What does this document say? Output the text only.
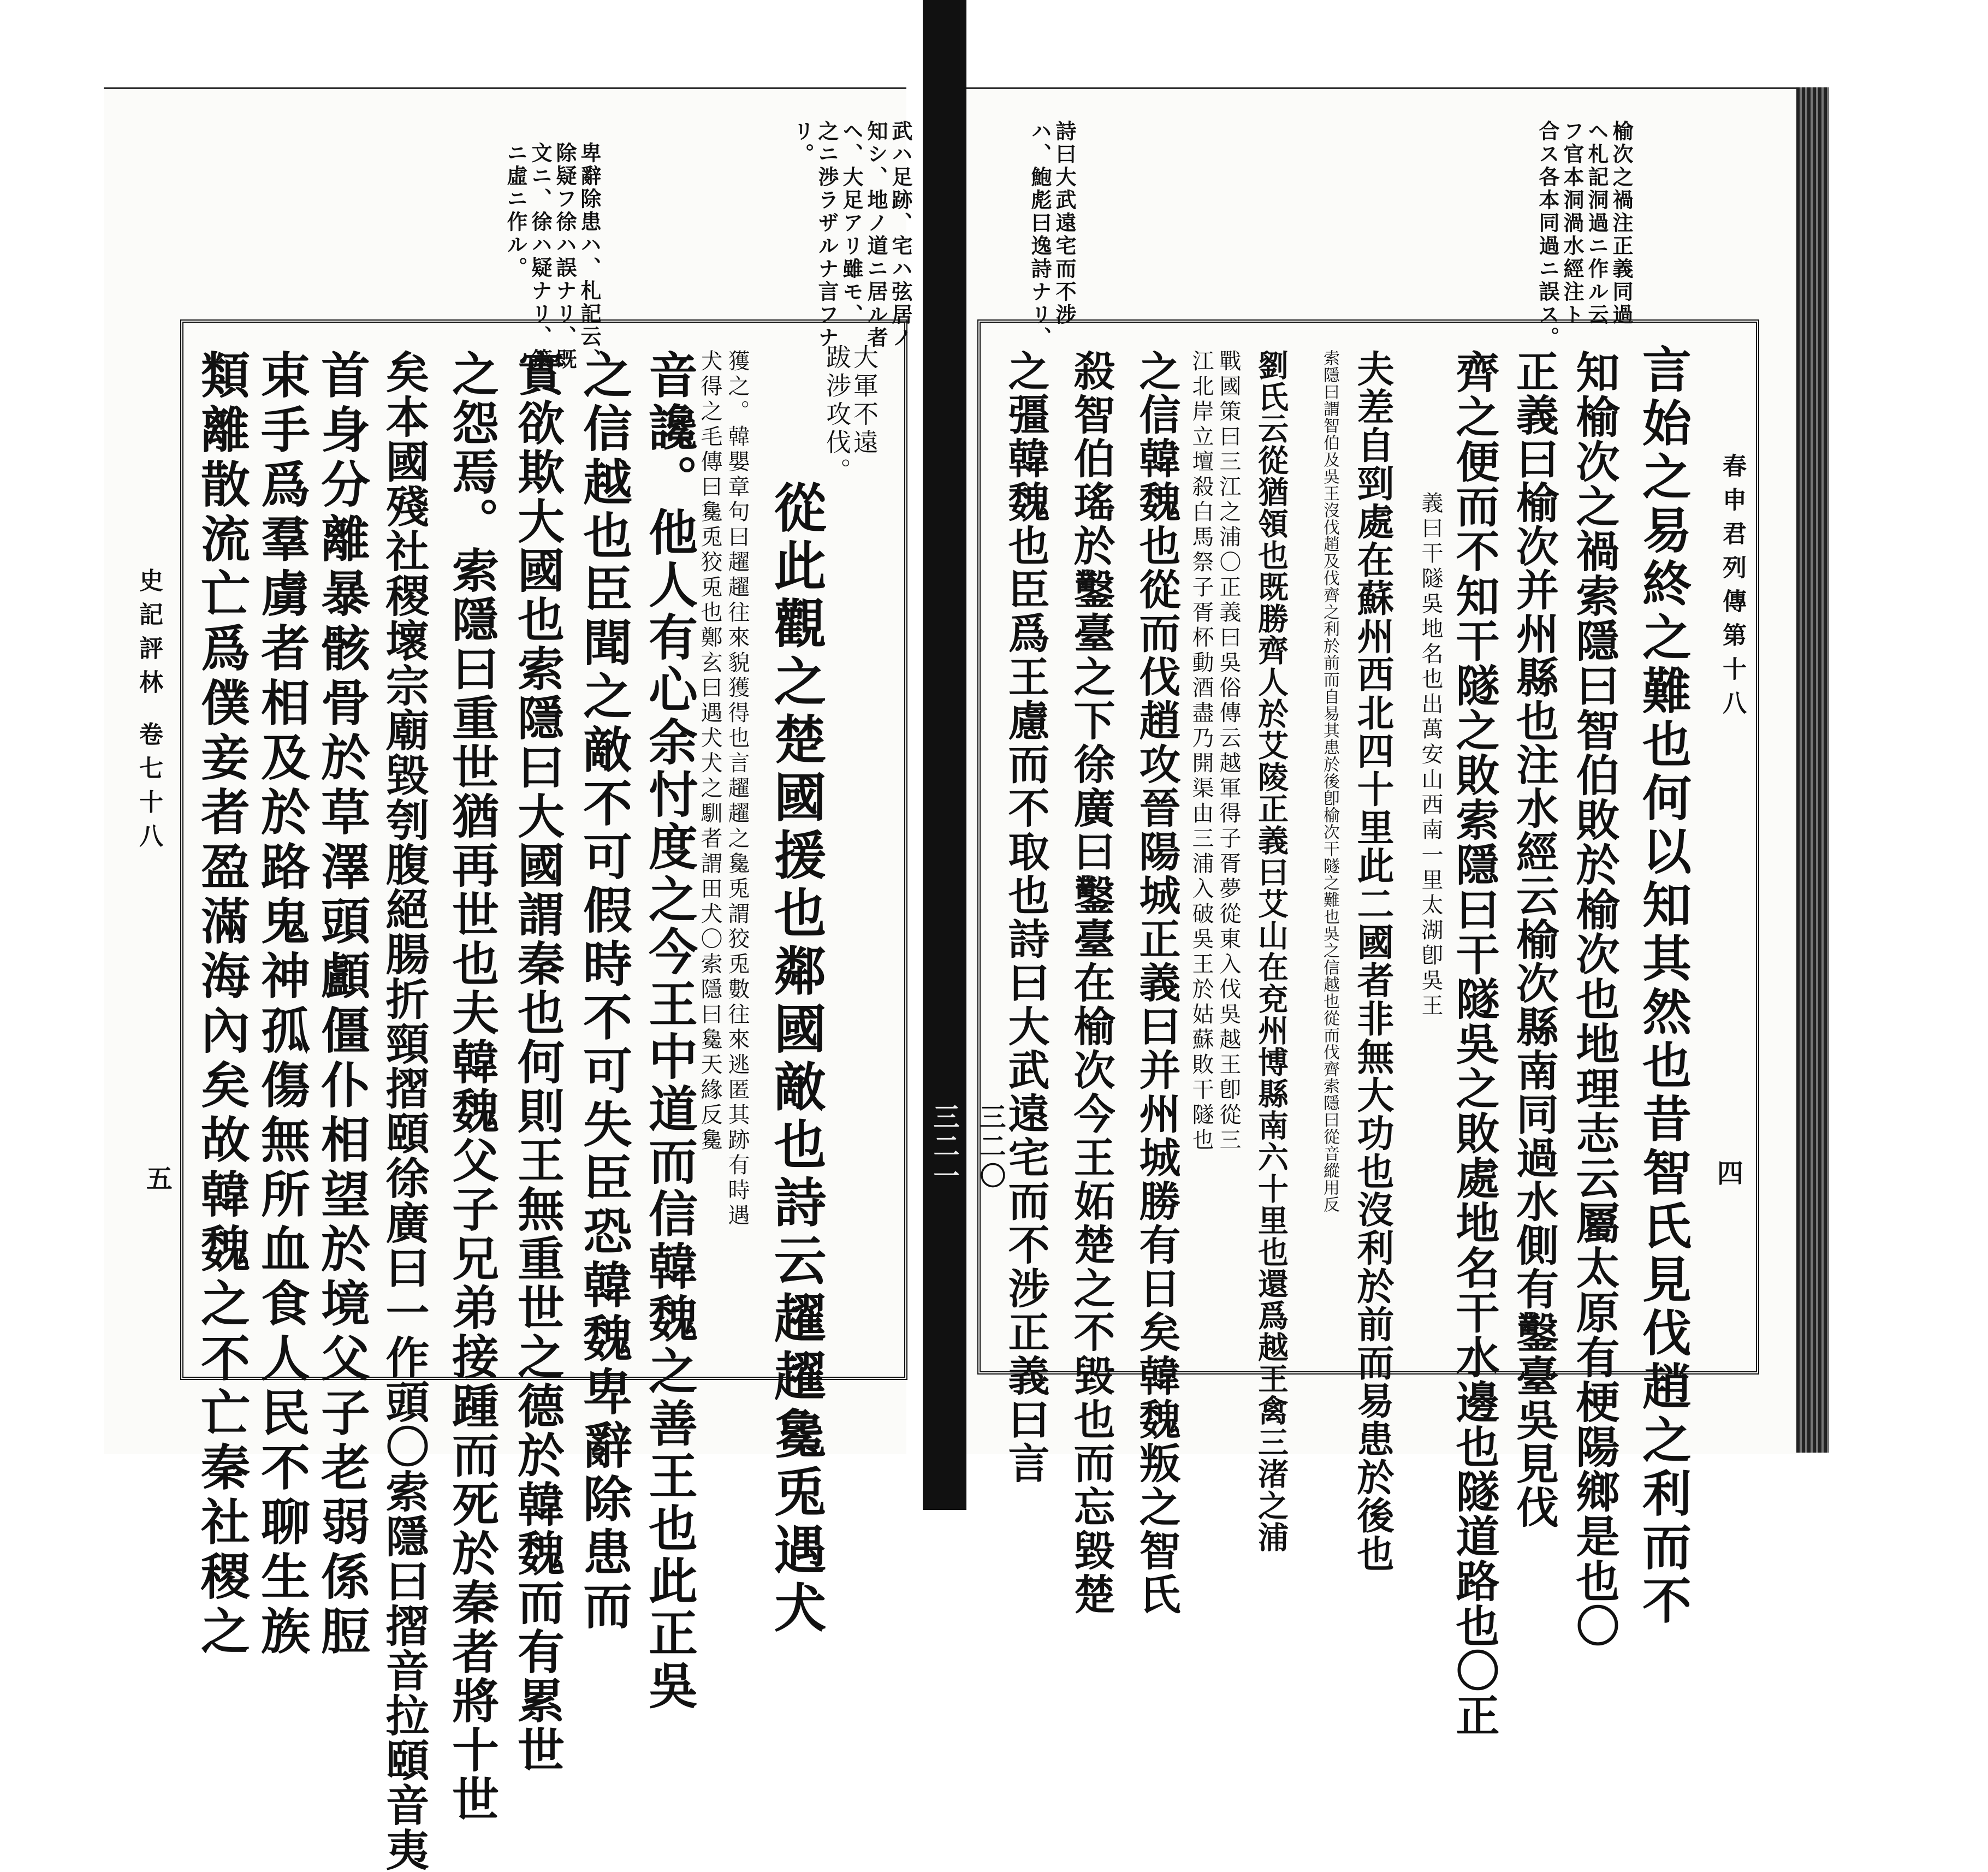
史記評林 卷七十八
五
卑辭除患ハ、札記云、
除疑フ徐ハ誤ナリ、既
文ニ、徐ハ疑ナリ、策
ニ虛ニ作ル。	武ハ足跡、宅ハ弦居ノ
知シ、地ノ道ニ居ル者
ヘ、大足アリ雖モ、
之ニ渉ラザルナ言フナ
リ。
大軍不遠
跋涉攻伐。
從此觀之楚國援也鄰國敵也詩云趯趯毚兎遇犬
獲之。韓嬰章句曰趯趯往來貌獲得也言趯趯之毚兎謂狡兎數往來逃匿其跡有時遇
犬得之毛傳曰毚兎狡兎也鄭玄曰遇犬犬之馴者謂田犬〇索隱曰毚天緣反毚
音讒。他人有心余忖度之今王中道而信韓魏之善王也此正吳
之信越也臣聞之敵不可假時不可失臣恐韓魏卑辭除患而
實欲欺大國也索隱曰大國謂秦也何則王無重世之德於韓魏而有累世
之怨焉。索隱曰重世猶再世也夫韓魏父子兄弟接踵而死於秦者將十世
矣本國殘社稷壞宗廟毀刳腹絕腸折頸摺頤徐廣曰一作頭〇索隱曰摺音拉頤音夷
首身分離暴骸骨於草澤頭顱僵仆相望於境父子老弱係脰
束手爲羣虜者相及於路鬼神孤傷無所血食人民不聊生族
類離散流亡爲僕妾者盈滿海內矣故韓魏之不亡秦社稷之	三二一 三二〇
春申君列傳第十八
四
榆次之禍注正義同過
ヘ札記洞過ニ作ル云
フ官本洞渦水經注ト
合ス各本同過ニ誤ス。
詩曰大武遠宅而不涉
ハ、鮑彪曰逸詩ナリ、
言始之易終之難也何以知其然也昔智氏見伐趙之利而不
知榆次之禍索隱曰智伯敗於榆次也地理志云屬太原有梗陽鄉是也〇
正義曰榆次并州縣也注水經云榆次縣南同過水側有鑿臺吳見伐
齊之便而不知干隧之敗索隱曰干隧吳之敗處地名干水邊也隧道路也〇正
義曰干隧吳地名也出萬安山西南一里太湖卽吳王
夫差自剄處在蘇州西北四十里此二國者非無大功也沒利於前而易患於後也
索隱曰謂智伯及吳王沒伐趙及伐齊之利於前而自易其患於後卽榆次干隧之難也吳之信越也從而伐齊索隱曰從音縱用反
劉氏云從猶領也既勝齊人於艾陵正義曰艾山在兗州博縣南六十里也還爲越王禽三渚之浦
戰國策曰三江之浦〇正義曰吳俗傳云越軍得子胥夢從東入伐吳越王卽從三
江北岸立壇殺白馬祭子胥杯動酒盡乃開渠由三浦入破吳王於姑蘇敗干隧也
之信韓魏也從而伐趙攻晉陽城正義曰并州城勝有日矣韓魏叛之智氏
殺智伯瑤於鑿臺之下徐廣曰鑿臺在榆次今王妬楚之不毀也而忘毀楚
之彊韓魏也臣爲王慮而不取也詩曰大武遠宅而不涉正義曰言
